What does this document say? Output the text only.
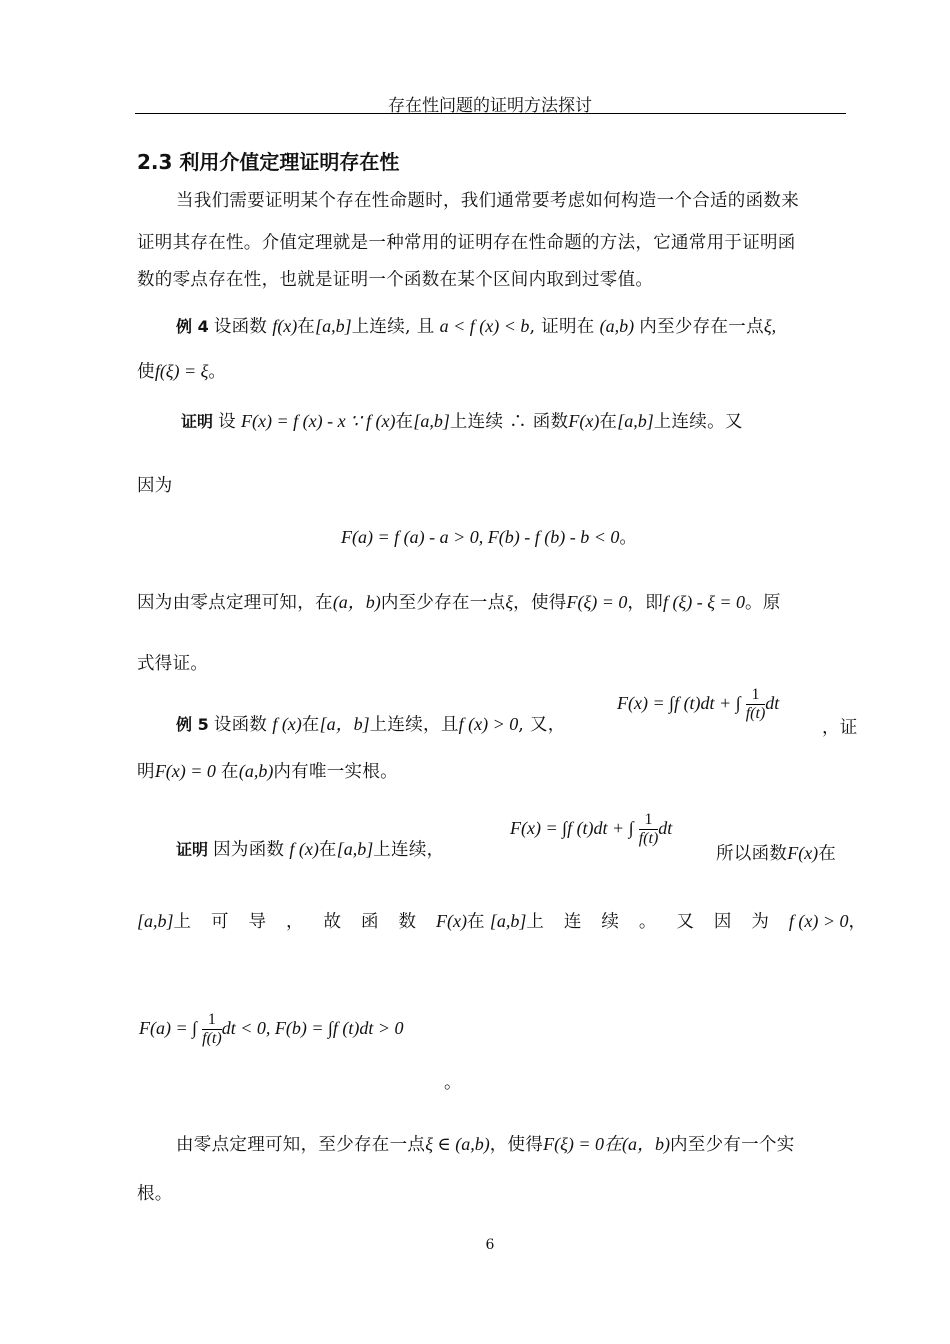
存在性问题的证明方法探讨
2.3 利用介值定理证明存在性
当我们需要证明某个存在性命题时，我们通常要考虑如何构造一个合适的函数来
证明其存在性。介值定理就是一种常用的证明存在性命题的方法，它通常用于证明函
数的零点存在性，也就是证明一个函数在某个区间内取到过零值。
例 4 设函数 f(x)在[a,b]上连续, 且 a < f (x) < b, 证明在 (a,b) 内至少存在一点ξ,
使f(ξ) = ξ。
证明 设 F(x) = f (x) - x ∵ f (x)在[a,b]上连续 ∴ 函数F(x)在[a,b]上连续。又
因为
F(a) = f (a) - a > 0, F(b) - f (b) - b < 0。
因为由零点定理可知，在(a，b)内至少存在一点ξ，使得F(ξ) = 0，即f (ξ) - ξ = 0。原
式得证。
例 5 设函数 f (x)在[a，b]上连续，且f (x) > 0, 又，
F(x) = ∫f (t)dt + ∫ $\frac{1}{f(t)}$ dt
，证
明F(x) = 0 在(a,b)内有唯一实根。
证明 因为函数 f (x)在[a,b]上连续，
F(x) = ∫f (t)dt + ∫ $\frac{1}{f(t)}$ dt
所以函数F(x)在
[a,b]上可导，故函数F(x)在 [a,b]上连续。又因为f (x) > 0，
F(a) = ∫ $\frac{1}{f(t)}$ dt < 0, F(b) = ∫f (t)dt > 0
。
由零点定理可知，至少存在一点ξ ∈ (a,b)，使得F(ξ) = 0在(a，b)内至少有一个实
根。
6
